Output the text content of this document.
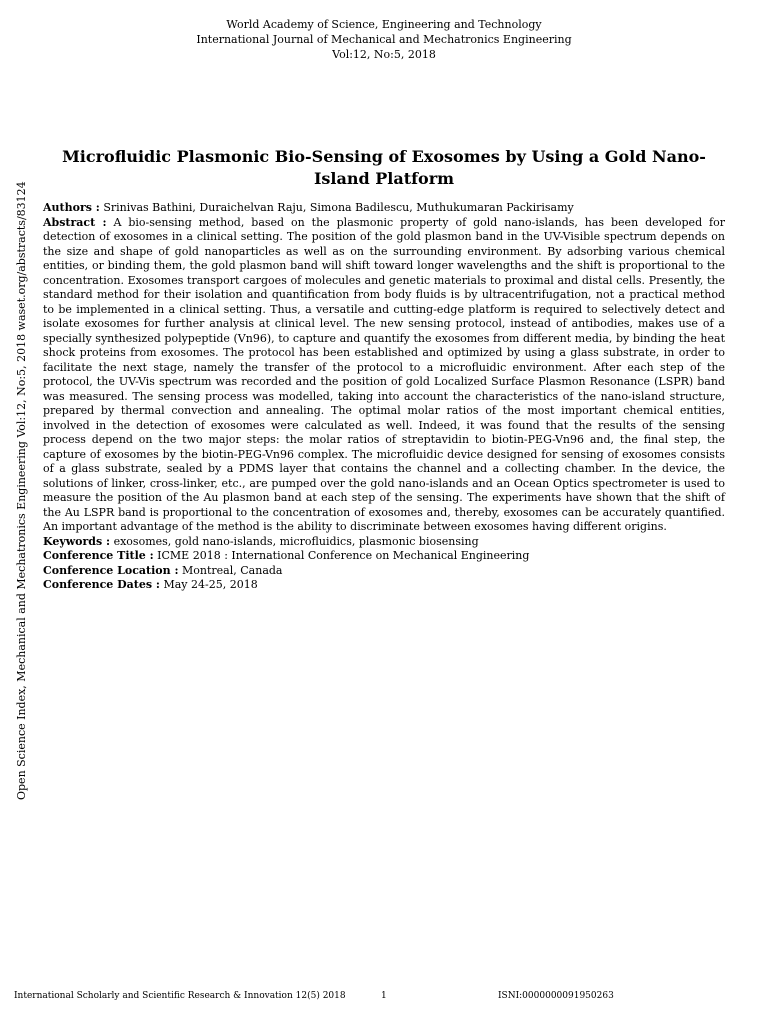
World Academy of Science, Engineering and Technology
International Journal of Mechanical and Mechatronics Engineering
Vol:12, No:5, 2018
Microfluidic Plasmonic Bio-Sensing of Exosomes by Using a Gold Nano-Island Platform

Authors : Srinivas Bathini, Duraichelvan Raju, Simona Badilescu, Muthukumaran Packirisamy

Abstract : A bio-sensing method, based on the plasmonic property of gold nano-islands, has been developed for detection of exosomes in a clinical setting. The position of the gold plasmon band in the UV-Visible spectrum depends on the size and shape of gold nanoparticles as well as on the surrounding environment. By adsorbing various chemical entities, or binding them, the gold plasmon band will shift toward longer wavelengths and the shift is proportional to the concentration. Exosomes transport cargoes of molecules and genetic materials to proximal and distal cells. Presently, the standard method for their isolation and quantification from body fluids is by ultracentrifugation, not a practical method to be implemented in a clinical setting. Thus, a versatile and cutting-edge platform is required to selectively detect and isolate exosomes for further analysis at clinical level. The new sensing protocol, instead of antibodies, makes use of a specially synthesized polypeptide (Vn96), to capture and quantify the exosomes from different media, by binding the heat shock proteins from exosomes. The protocol has been established and optimized by using a glass substrate, in order to facilitate the next stage, namely the transfer of the protocol to a microfluidic environment. After each step of the protocol, the UV-Vis spectrum was recorded and the position of gold Localized Surface Plasmon Resonance (LSPR) band was measured. The sensing process was modelled, taking into account the characteristics of the nano-island structure, prepared by thermal convection and annealing. The optimal molar ratios of the most important chemical entities, involved in the detection of exosomes were calculated as well. Indeed, it was found that the results of the sensing process depend on the two major steps: the molar ratios of streptavidin to biotin-PEG-Vn96 and, the final step, the capture of exosomes by the biotin-PEG-Vn96 complex. The microfluidic device designed for sensing of exosomes consists of a glass substrate, sealed by a PDMS layer that contains the channel and a collecting chamber. In the device, the solutions of linker, cross-linker, etc., are pumped over the gold nano-islands and an Ocean Optics spectrometer is used to measure the position of the Au plasmon band at each step of the sensing. The experiments have shown that the shift of the Au LSPR band is proportional to the concentration of exosomes and, thereby, exosomes can be accurately quantified. An important advantage of the method is the ability to discriminate between exosomes having different origins.

Keywords : exosomes, gold nano-islands, microfluidics, plasmonic biosensing

Conference Title : ICME 2018 : International Conference on Mechanical Engineering

Conference Location : Montreal, Canada

Conference Dates : May 24-25, 2018

Open Science Index, Mechanical and Mechatronics Engineering Vol:12, No:5, 2018 waset.org/abstracts/83124
International Scholarly and Scientific Research & Innovation 12(5) 2018	1	ISNI:0000000091950263
